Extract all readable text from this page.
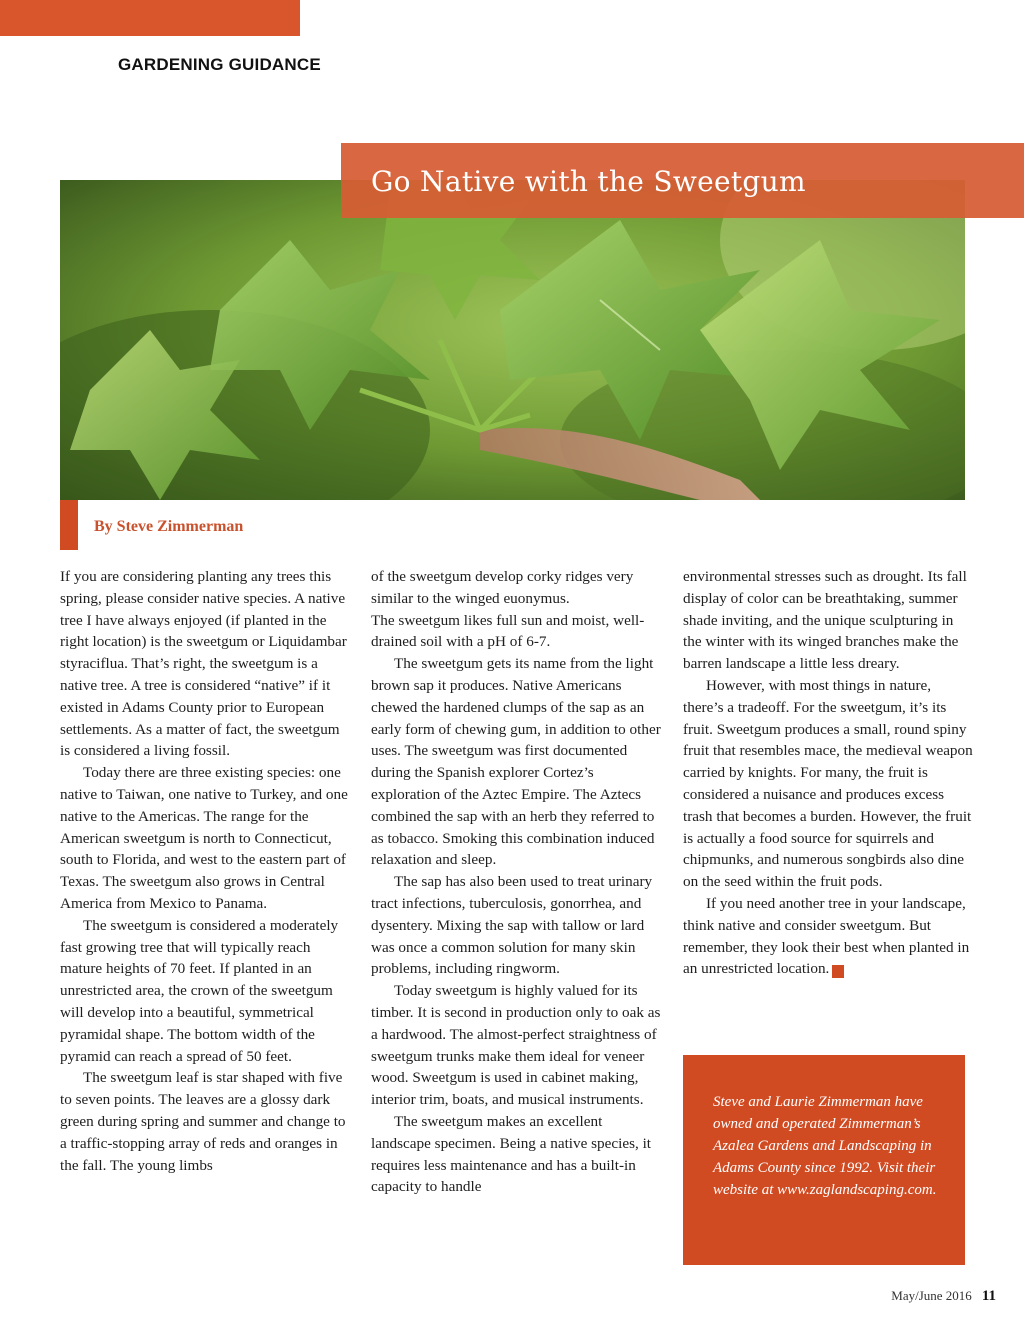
GARDENING GUIDANCE
Go Native with the Sweetgum
By Steve Zimmerman

If you are considering planting any trees this spring, please consider native species. A native tree I have always enjoyed (if planted in the right location) is the sweetgum or Liquidambar styraciflua. That’s right, the sweetgum is a native tree. A tree is considered “native” if it existed in Adams County prior to European settlements. As a matter of fact, the sweetgum is considered a living fossil.

Today there are three existing species: one native to Taiwan, one native to Turkey, and one native to the Americas. The range for the American sweetgum is north to Connecticut, south to Florida, and west to the eastern part of Texas. The sweetgum also grows in Central America from Mexico to Panama.

The sweetgum is considered a moderately fast growing tree that will typically reach mature heights of 70 feet. If planted in an unrestricted area, the crown of the sweetgum will develop into a beautiful, symmetrical pyramidal shape. The bottom width of the pyramid can reach a spread of 50 feet.

The sweetgum leaf is star shaped with five to seven points. The leaves are a glossy dark green during spring and summer and change to a traffic-stopping array of reds and oranges in the fall. The young limbs

of the sweetgum develop corky ridges very similar to the winged euonymus.

The sweetgum likes full sun and moist, well-drained soil with a pH of 6-7.

The sweetgum gets its name from the light brown sap it produces. Native Americans chewed the hardened clumps of the sap as an early form of chewing gum, in addition to other uses. The sweetgum was first documented during the Spanish explorer Cortez’s exploration of the Aztec Empire. The Aztecs combined the sap with an herb they referred to as tobacco. Smoking this combination induced relaxation and sleep.

The sap has also been used to treat urinary tract infections, tuberculosis, gonorrhea, and dysentery. Mixing the sap with tallow or lard was once a common solution for many skin problems, including ringworm.

Today sweetgum is highly valued for its timber. It is second in production only to oak as a hardwood. The almost-perfect straightness of sweetgum trunks make them ideal for veneer wood. Sweetgum is used in cabinet making, interior trim, boats, and musical instruments.

The sweetgum makes an excellent landscape specimen. Being a native species, it requires less maintenance and has a built-in capacity to handle

environmental stresses such as drought. Its fall display of color can be breathtaking, summer shade inviting, and the unique sculpturing in the winter with its winged branches make the barren landscape a little less dreary.

However, with most things in nature, there’s a tradeoff. For the sweetgum, it’s its fruit. Sweetgum produces a small, round spiny fruit that resembles mace, the medieval weapon carried by knights. For many, the fruit is considered a nuisance and produces excess trash that becomes a burden. However, the fruit is actually a food source for squirrels and chipmunks, and numerous songbirds also dine on the seed within the fruit pods.

If you need another tree in your landscape, think native and consider sweetgum. But remember, they look their best when planted in an unrestricted location.	G

Steve and Laurie Zimmerman have owned and operated Zimmerman’s Azalea Gardens and Landscaping in Adams County since 1992. Visit their website at www.zaglandscaping.com.
May/June 2016 11
